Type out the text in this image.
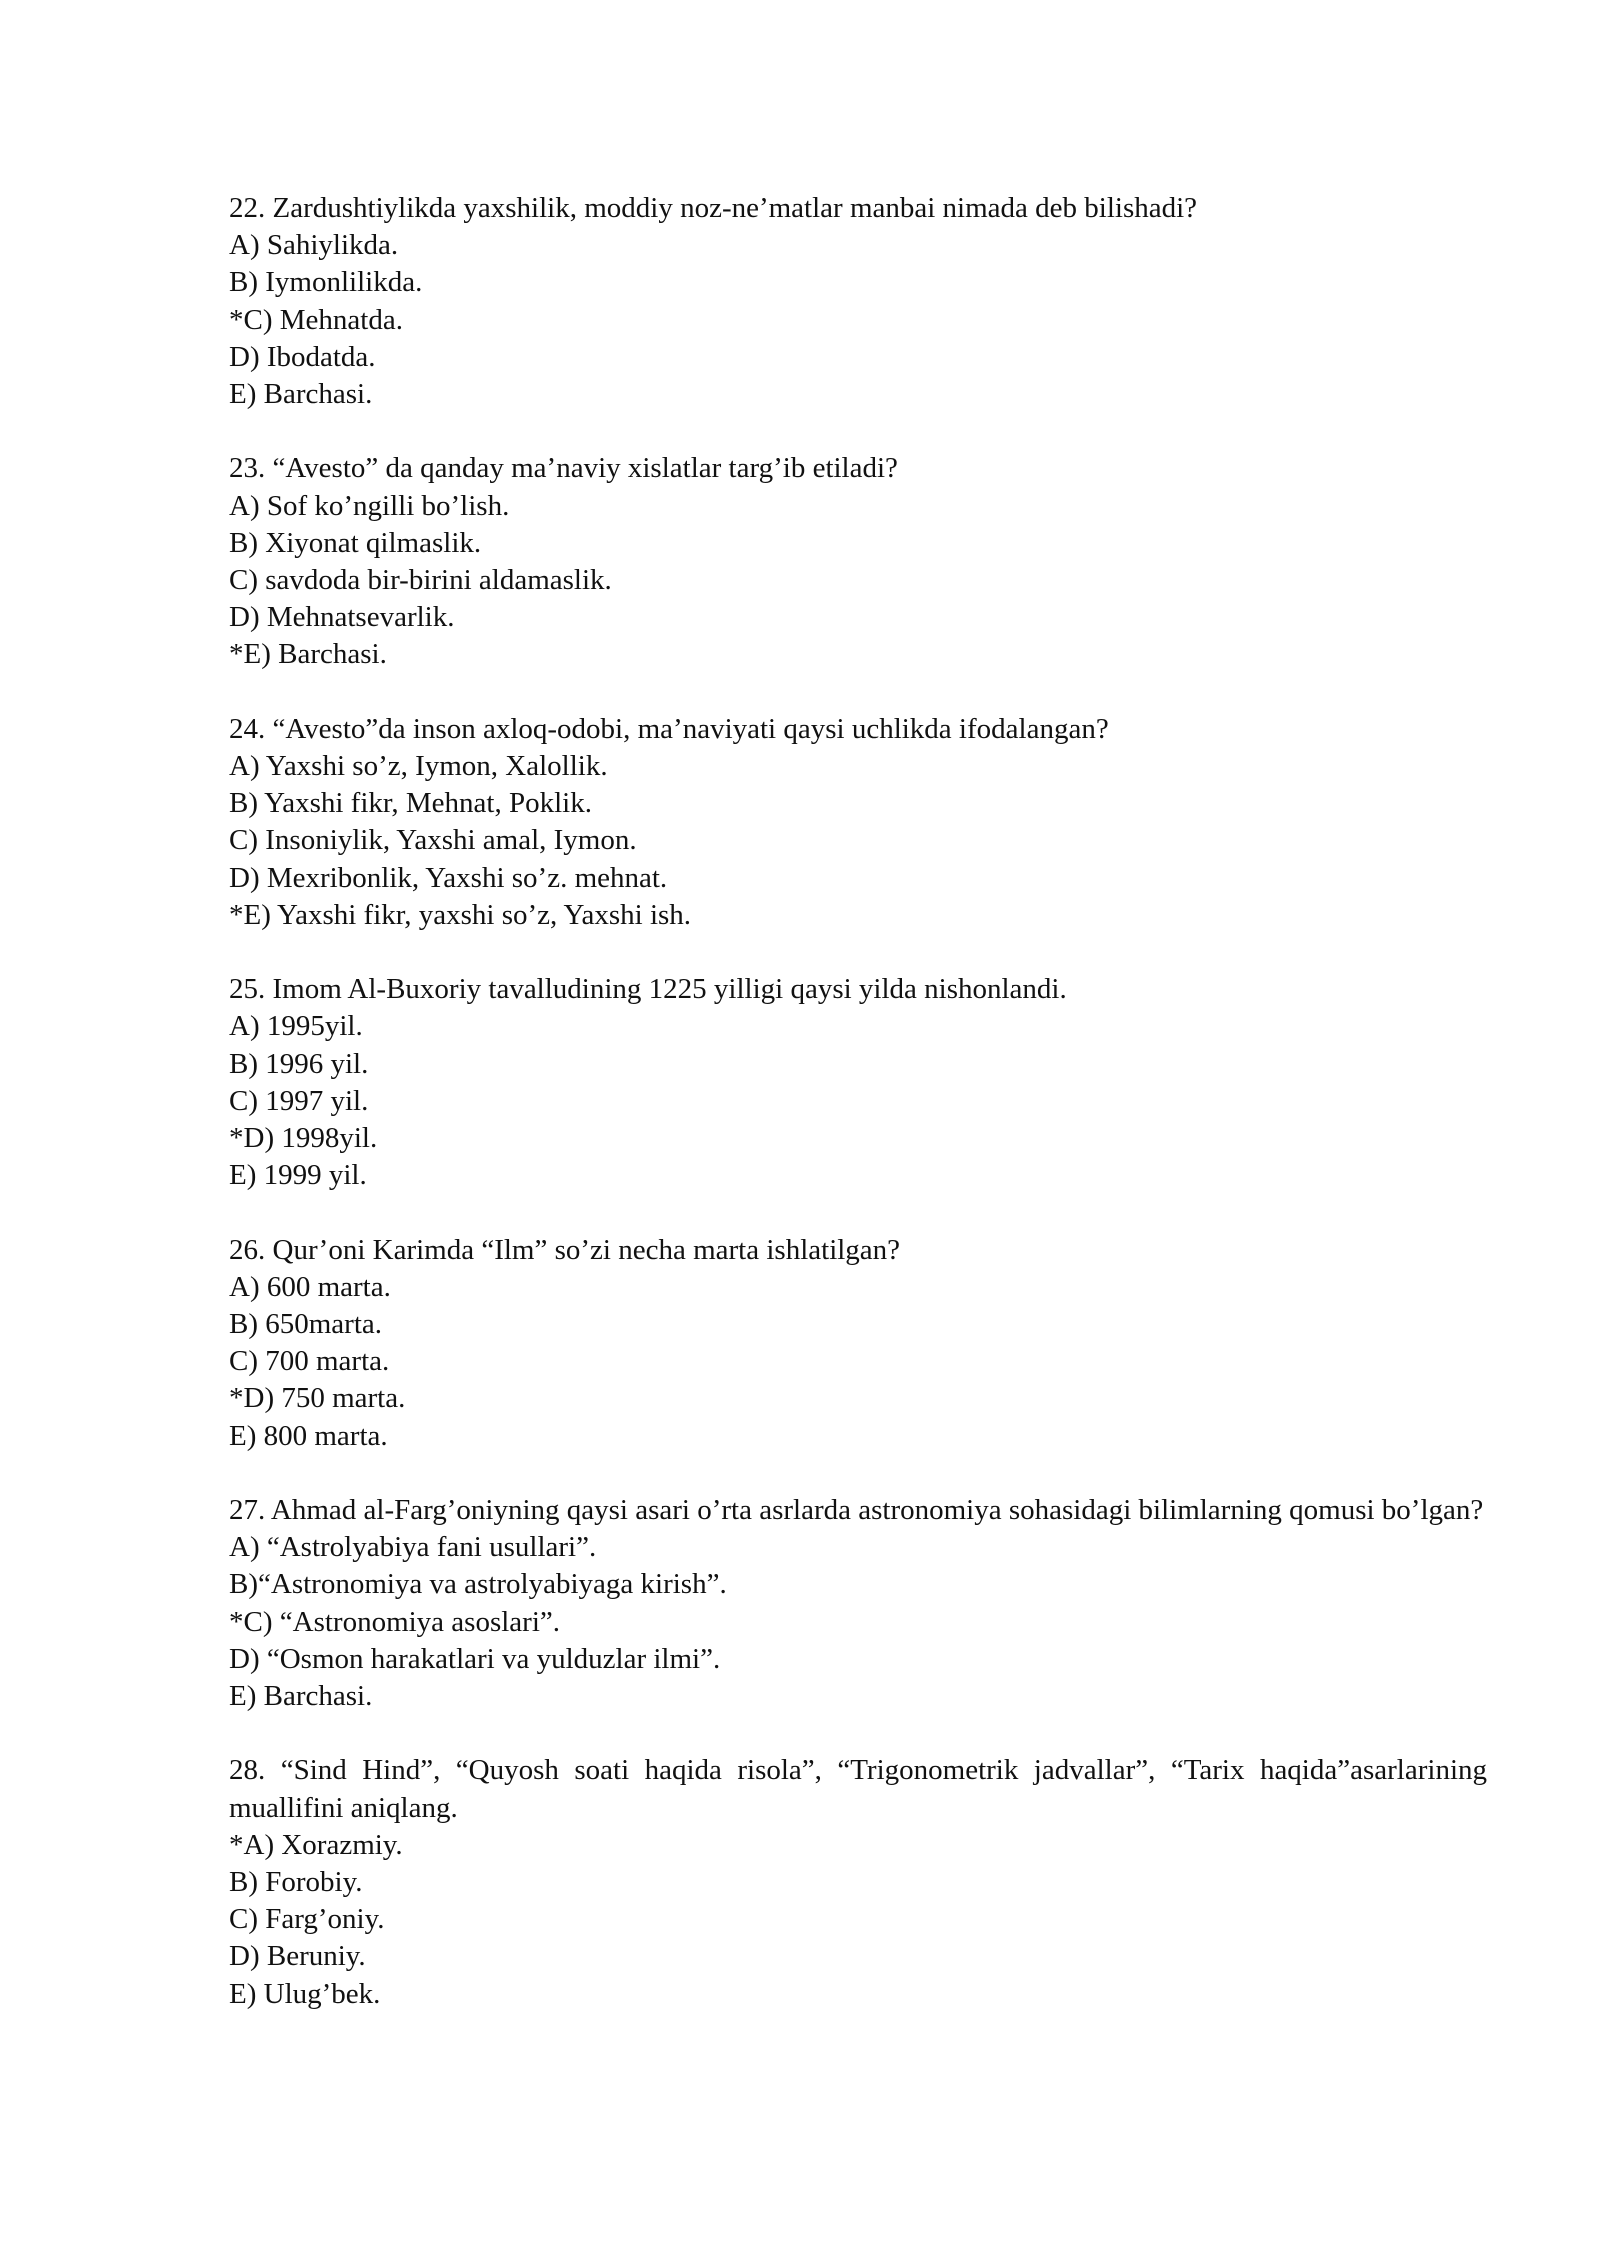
22. Zardushtiylikda yaxshilik, moddiy noz-ne’matlar manbai nimada deb bilishadi?

A) Sahiylikda.

B) Iymonlilikda.

*C) Mehnatda.

D) Ibodatda.

E) Barchasi.

23. “Avesto” da qanday ma’naviy xislatlar targ’ib etiladi?

A) Sof ko’ngilli bo’lish.

B) Xiyonat qilmaslik.

C) savdoda bir-birini aldamaslik.

D) Mehnatsevarlik.

*E) Barchasi.

24. “Avesto”da inson axloq-odobi, ma’naviyati qaysi uchlikda ifodalangan?

A) Yaxshi so’z, Iymon, Xalollik.

B) Yaxshi fikr, Mehnat, Poklik.

C) Insoniylik, Yaxshi amal, Iymon.

D) Mexribonlik, Yaxshi so’z. mehnat.

*E) Yaxshi fikr, yaxshi so’z, Yaxshi ish.

25. Imom Al-Buxoriy tavalludining 1225 yilligi qaysi yilda nishonlandi.

A) 1995yil.

B) 1996 yil.

C) 1997 yil.

*D) 1998yil.

E) 1999 yil.

26. Qur’oni Karimda “Ilm” so’zi necha marta ishlatilgan?

A) 600 marta.

B) 650marta.

C) 700 marta.

*D) 750 marta.

E) 800 marta.

27. Ahmad al-Farg’oniyning qaysi asari o’rta asrlarda astronomiya sohasidagi bilimlarning qomusi bo’lgan?

A) “Astrolyabiya fani usullari”.

B)“Astronomiya va astrolyabiyaga kirish”.

*C) “Astronomiya asoslari”.

D) “Osmon harakatlari va yulduzlar ilmi”.

E) Barchasi.

28. “Sind Hind”, “Quyosh soati haqida risola”, “Trigonometrik jadvallar”, “Tarix haqida”asarlarining muallifini aniqlang.

*A) Xorazmiy.

B) Forobiy.

C) Farg’oniy.

D) Beruniy.

E) Ulug’bek.
